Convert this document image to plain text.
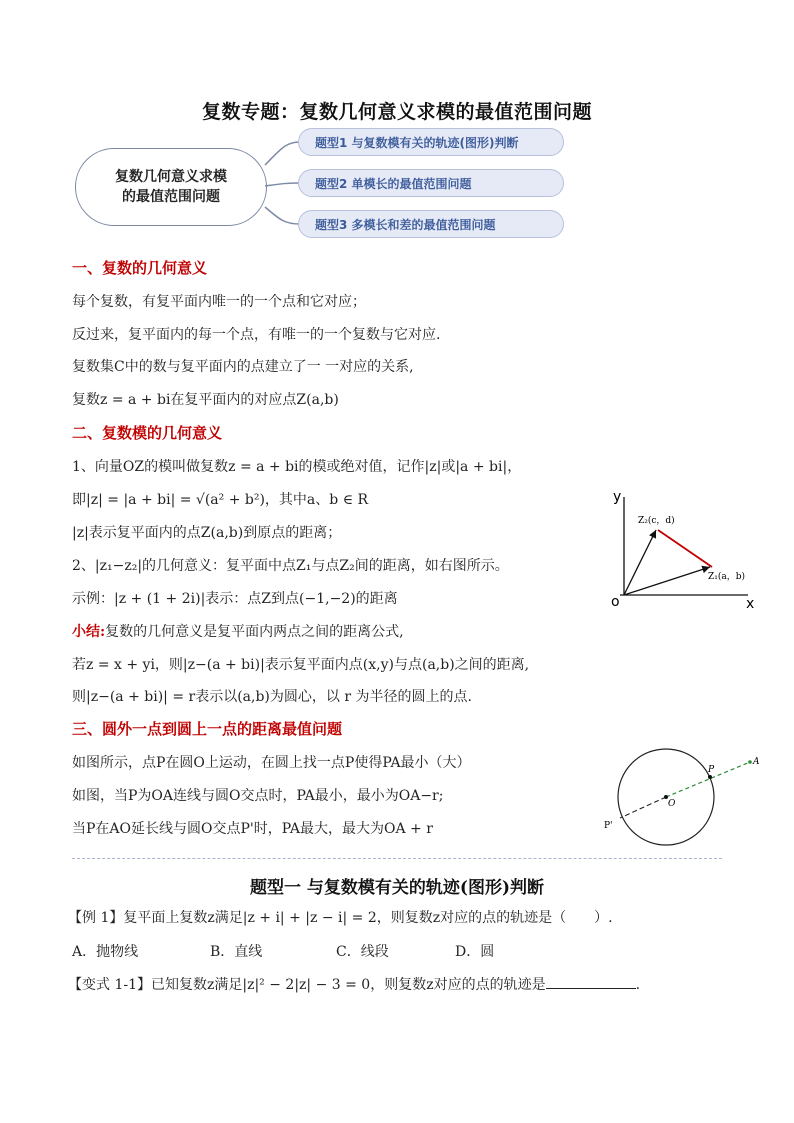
复数专题：复数几何意义求模的最值范围问题
复数几何意义求模
的最值范围问题
题型1 与复数模有关的轨迹(图形)判断
题型2 单模长的最值范围问题
题型3 多模长和差的最值范围问题
一、复数的几何意义
每个复数，有复平面内唯一的一个点和它对应；
反过来，复平面内的每一个点，有唯一的一个复数与它对应.
复数集C中的数与复平面内的点建立了一 一对应的关系,
复数z = a + bi在复平面内的对应点Z(a,b)
二、复数模的几何意义
1、向量OZ的模叫做复数z = a + bi的模或绝对值，记作|z|或|a + bi|，
即|z| = |a + bi| = √(a² + b²)，其中a、b ∈ R
|z|表示复平面内的点Z(a,b)到原点的距离；
2、|z₁−z₂|的几何意义：复平面中点Z₁与点Z₂间的距离，如右图所示。
示例：|z + (1 + 2i)|表示：点Z到点(−1,−2)的距离
小结:复数的几何意义是复平面内两点之间的距离公式,
若z = x + yi，则|z−(a + bi)|表示复平面内点(x,y)与点(a,b)之间的距离,
则|z−(a + bi)| = r表示以(a,b)为圆心，以 r 为半径的圆上的点.
y
x
o
Z₂(c，d)
Z₁(a，b)
三、圆外一点到圆上一点的距离最值问题
如图所示，点P在圆O上运动，在圆上找一点P使得PA最小（大）
如图，当P为OA连线与圆O交点时，PA最小，最小为OA−r;
当P在AO延长线与圆O交点P'时，PA最大，最大为OA + r
A
P
O
P'
题型一 与复数模有关的轨迹(图形)判断
【例 1】复平面上复数z满足|z + i| + |z − i| = 2，则复数z对应的点的轨迹是（　　）.
A．抛物线	B．直线	C．线段	D．圆
【变式 1-1】已知复数z满足|z|² − 2|z| − 3 = 0，则复数z对应的点的轨迹是	.
